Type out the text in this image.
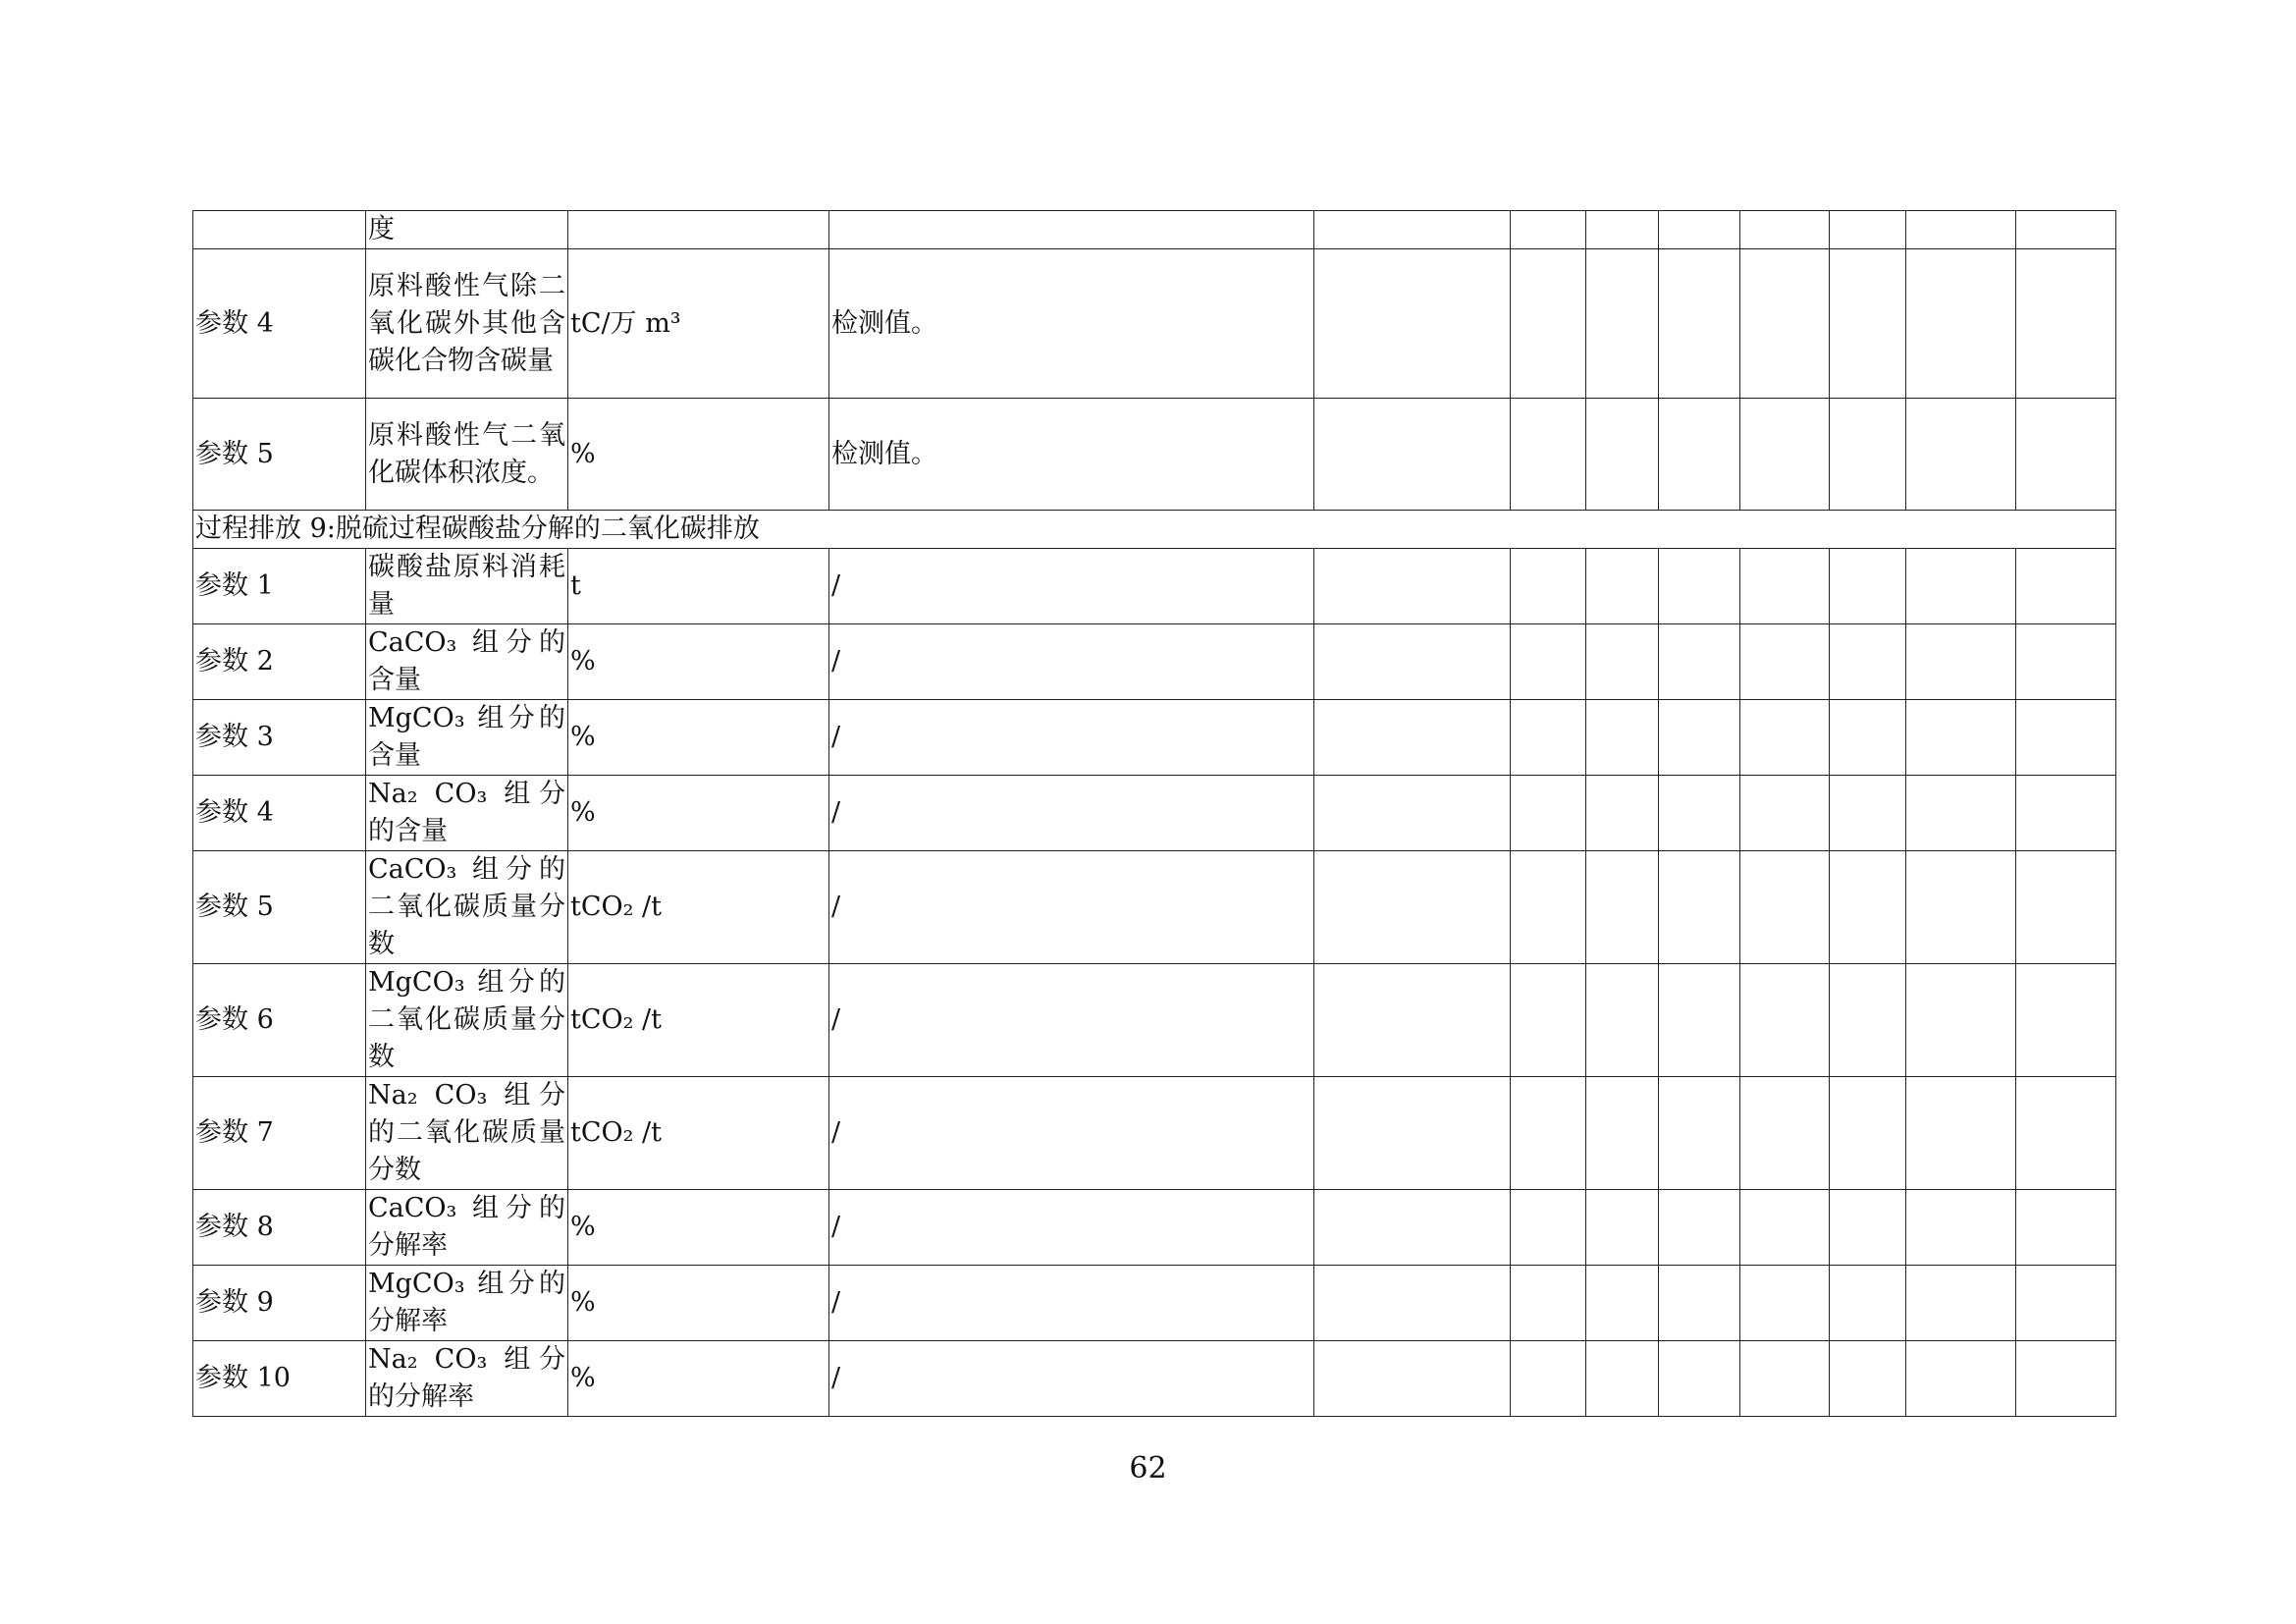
	度										
参数 4	原料酸性气除二氧化碳外其他含碳化合物含碳量	tC/万 m³	检测值。								
参数 5	原料酸性气二氧化碳体积浓度。	%	检测值。								
过程排放 9:脱硫过程碳酸盐分解的二氧化碳排放											
参数 1	碳酸盐原料消耗量	t	/								
参数 2	CaCO₃ 组分的含量	%	/								
参数 3	MgCO₃ 组分的含量	%	/								
参数 4	Na₂ CO₃ 组分的含量	%	/								
参数 5	CaCO₃ 组分的二氧化碳质量分数	tCO₂ /t	/								
参数 6	MgCO₃ 组分的二氧化碳质量分数	tCO₂ /t	/								
参数 7	Na₂ CO₃ 组分的二氧化碳质量分数	tCO₂ /t	/								
参数 8	CaCO₃ 组分的分解率	%	/								
参数 9	MgCO₃ 组分的分解率	%	/								
参数 10	Na₂ CO₃ 组分的分解率	%	/								
62
